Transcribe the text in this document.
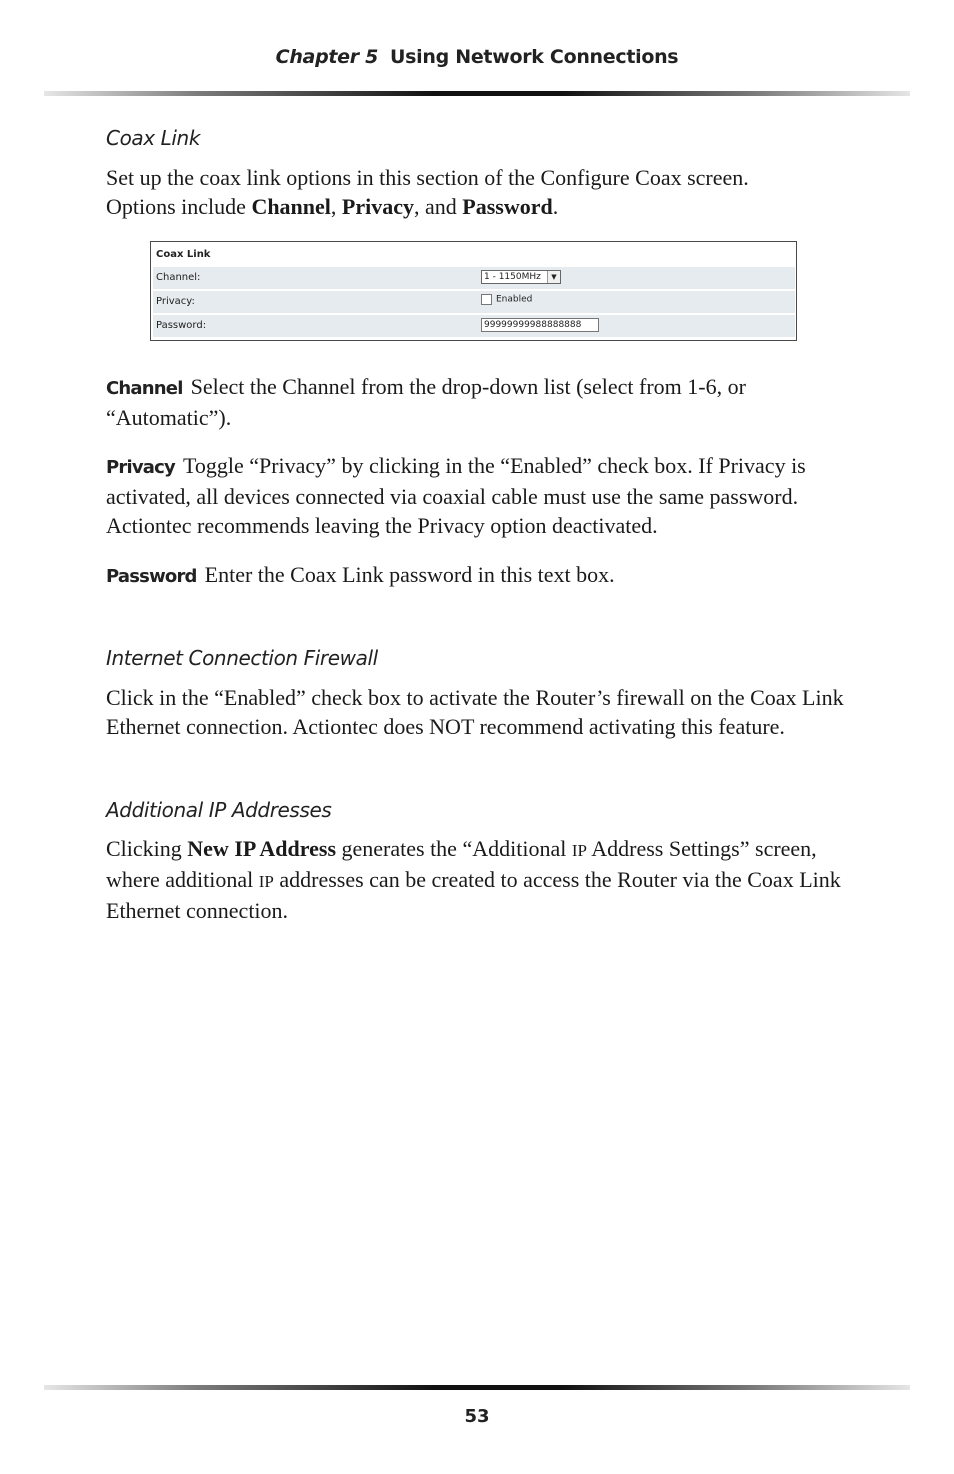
Chapter 5 Using Network Connections
Coax Link
Set up the coax link options in this section of the Configure Coax screen.
Options include Channel, Privacy, and Password.
Coax Link
Channel:	1 - 1150MHz	▼
Privacy:	Enabled
Password:	99999999988888888
Channel Select the Channel from the drop-down list (select from 1-6, or “Automatic”).
Privacy Toggle “Privacy” by clicking in the “Enabled” check box. If Privacy is activated, all devices connected via coaxial cable must use the same password. Actiontec recommends leaving the Privacy option deactivated.
Password Enter the Coax Link password in this text box.
Internet Connection Firewall
Click in the “Enabled” check box to activate the Router’s firewall on the Coax Link Ethernet connection. Actiontec does NOT recommend activating this feature.
Additional IP Addresses
Clicking New IP Address generates the “Additional IP Address Settings” screen, where additional IP addresses can be created to access the Router via the Coax Link Ethernet connection.
53
